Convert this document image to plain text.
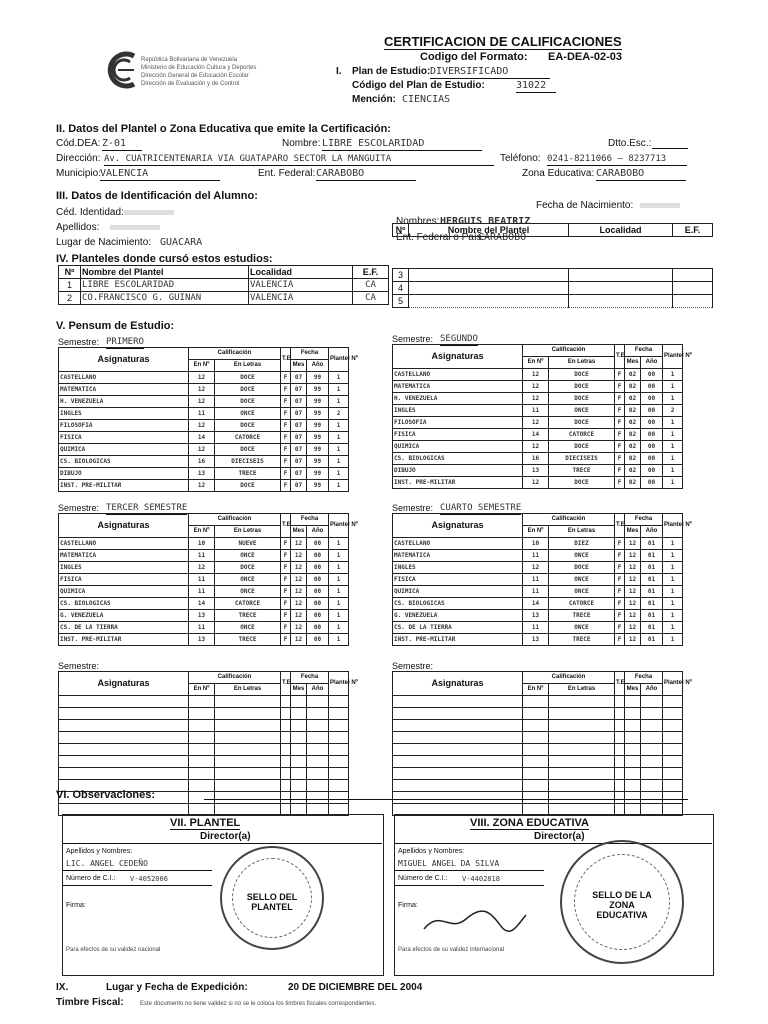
República Bolivariana de Venezuela
Ministerio de Educación Cultura y Deportes
Dirección General de Educación Escolar
Dirección de Evaluación y de Control
CERTIFICACION DE CALIFICACIONES
Codigo del Formato: EA-DEA-02-03
I. Plan de Estudio: DIVERSIFICADO
Código del Plan de Estudio:	31022
Mención: CIENCIAS
II. Datos del Plantel o Zona Educativa que emite la Certificación:
Cód.DEA: Z-01	Nombre: LIBRE ESCOLARIDAD	Dtto.Esc.:
Dirección: Av. CUATRICENTENARIA VIA GUATAPARO SECTOR LA MANGUITA	Teléfono: 0241-8211066 – 8237713
Municipio:
VALENCIA	Ent. Federal: CARABOBO	Zona Educativa: CARABOBO
III. Datos de Identificación del Alumno:
Céd. Identidad:
Fecha de Nacimiento:
Apellidos:
Nombres: HERGUIS BEATRIZ
Lugar de Nacimiento: GUACARA	Ent. Federal o País:
CARABOBO
IV. Planteles donde cursó estos estudios:
Nº	Nombre del Plantel	Localidad	E.F.
1	LIBRE ESCOLARIDAD	VALENCIA	CA
2	CO.FRANCISCO G. GUINAN	VALENCIA	CA
Nº	Nombre del Plantel	Localidad	E.F.
3			
4			
5			
V. Pensum de Estudio:
Semestre: PRIMERO
Asignaturas	Calificación		T.E.	Fecha		Plantel Nº
	En Nº	En Letras		Mes	Año	
CASTELLANO	12	DOCE	F	07	99	1
MATEMATICA	12	DOCE	F	07	99	1
H. VENEZUELA	12	DOCE	F	07	99	1
INGLES	11	ONCE	F	07	99	2
FILOSOFIA	12	DOCE	F	07	99	1
FISICA	14	CATORCE	F	07	99	1
QUIMICA	12	DOCE	F	07	99	1
CS. BIOLOGICAS	16	DIECISEIS	F	07	99	1
DIBUJO	13	TRECE	F	07	99	1
INST. PRE-MILITAR	12	DOCE	F	07	99	1
Semestre: SEGUNDO
Asignaturas	Calificación		T.E.	Fecha		Plantel Nº
	En Nº	En Letras		Mes	Año	
CASTELLANO	12	DOCE	F	02	00	1
MATEMATICA	12	DOCE	F	02	00	1
H. VENEZUELA	12	DOCE	F	02	00	1
INGLES	11	ONCE	F	02	00	2
FILOSOFIA	12	DOCE	F	02	00	1
FISICA	14	CATORCE	F	02	00	1
QUIMICA	12	DOCE	F	02	00	1
CS. BIOLOGICAS	16	DIECISEIS	F	02	00	1
DIBUJO	13	TRECE	F	02	00	1
INST. PRE-MILITAR	12	DOCE	F	02	00	1
Semestre: TERCER SEMESTRE
Asignaturas	Calificación		T.E.	Fecha		Plantel Nº
	En Nº	En Letras		Mes	Año	
CASTELLANO	10	NUEVE	F	12	00	1
MATEMATICA	11	ONCE	F	12	00	1
INGLES	12	DOCE	F	12	00	1
FISICA	11	ONCE	F	12	00	1
QUIMICA	11	ONCE	F	12	00	1
CS. BIOLOGICAS	14	CATORCE	F	12	00	1
G. VENEZUELA	13	TRECE	F	12	00	1
CS. DE LA TIERRA	11	ONCE	F	12	00	1
INST. PRE-MILITAR	13	TRECE	F	12	00	1
Semestre: CUARTO SEMESTRE
Asignaturas	Calificación		T.E.	Fecha		Plantel Nº
	En Nº	En Letras		Mes	Año	
CASTELLANO	10	DIEZ	F	12	01	1
MATEMATICA	11	ONCE	F	12	01	1
INGLES	12	DOCE	F	12	01	1
FISICA	11	ONCE	F	12	01	1
QUIMICA	11	ONCE	F	12	01	1
CS. BIOLOGICAS	14	CATORCE	F	12	01	1
G. VENEZUELA	13	TRECE	F	12	01	1
CS. DE LA TIERRA	11	ONCE	F	12	01	1
INST. PRE-MILITAR	13	TRECE	F	12	01	1
Semestre:
Asignaturas	Calificación		T.E.	Fecha		Plantel Nº
	En Nº	En Letras		Mes	Año	

Semestre:
Asignaturas	Calificación		T.E.	Fecha		Plantel Nº
	En Nº	En Letras		Mes	Año	

VI. Observaciones:
VII. PLANTEL
Director(a)
Apellidos y Nombres:
LIC. ANGEL CEDEÑO
Número de C.I.: V-4052006
Firma:
Para efectos de su validez nacional
SELLO DEL PLANTEL
VIII. ZONA EDUCATIVA
Director(a)
Apellidos y Nombres:
MIGUEL ANGEL DA SILVA
Número de C.I.: V-4402818
Firma:
Para efectos de su validez internacional
SELLO DE LA ZONA EDUCATIVA
IX.	Lugar y Fecha de Expedición:	20 DE DICIEMBRE DEL 2004
Timbre Fiscal:	Este documento no tiene validez si no se le coloca los timbres fiscales correspondientes.
